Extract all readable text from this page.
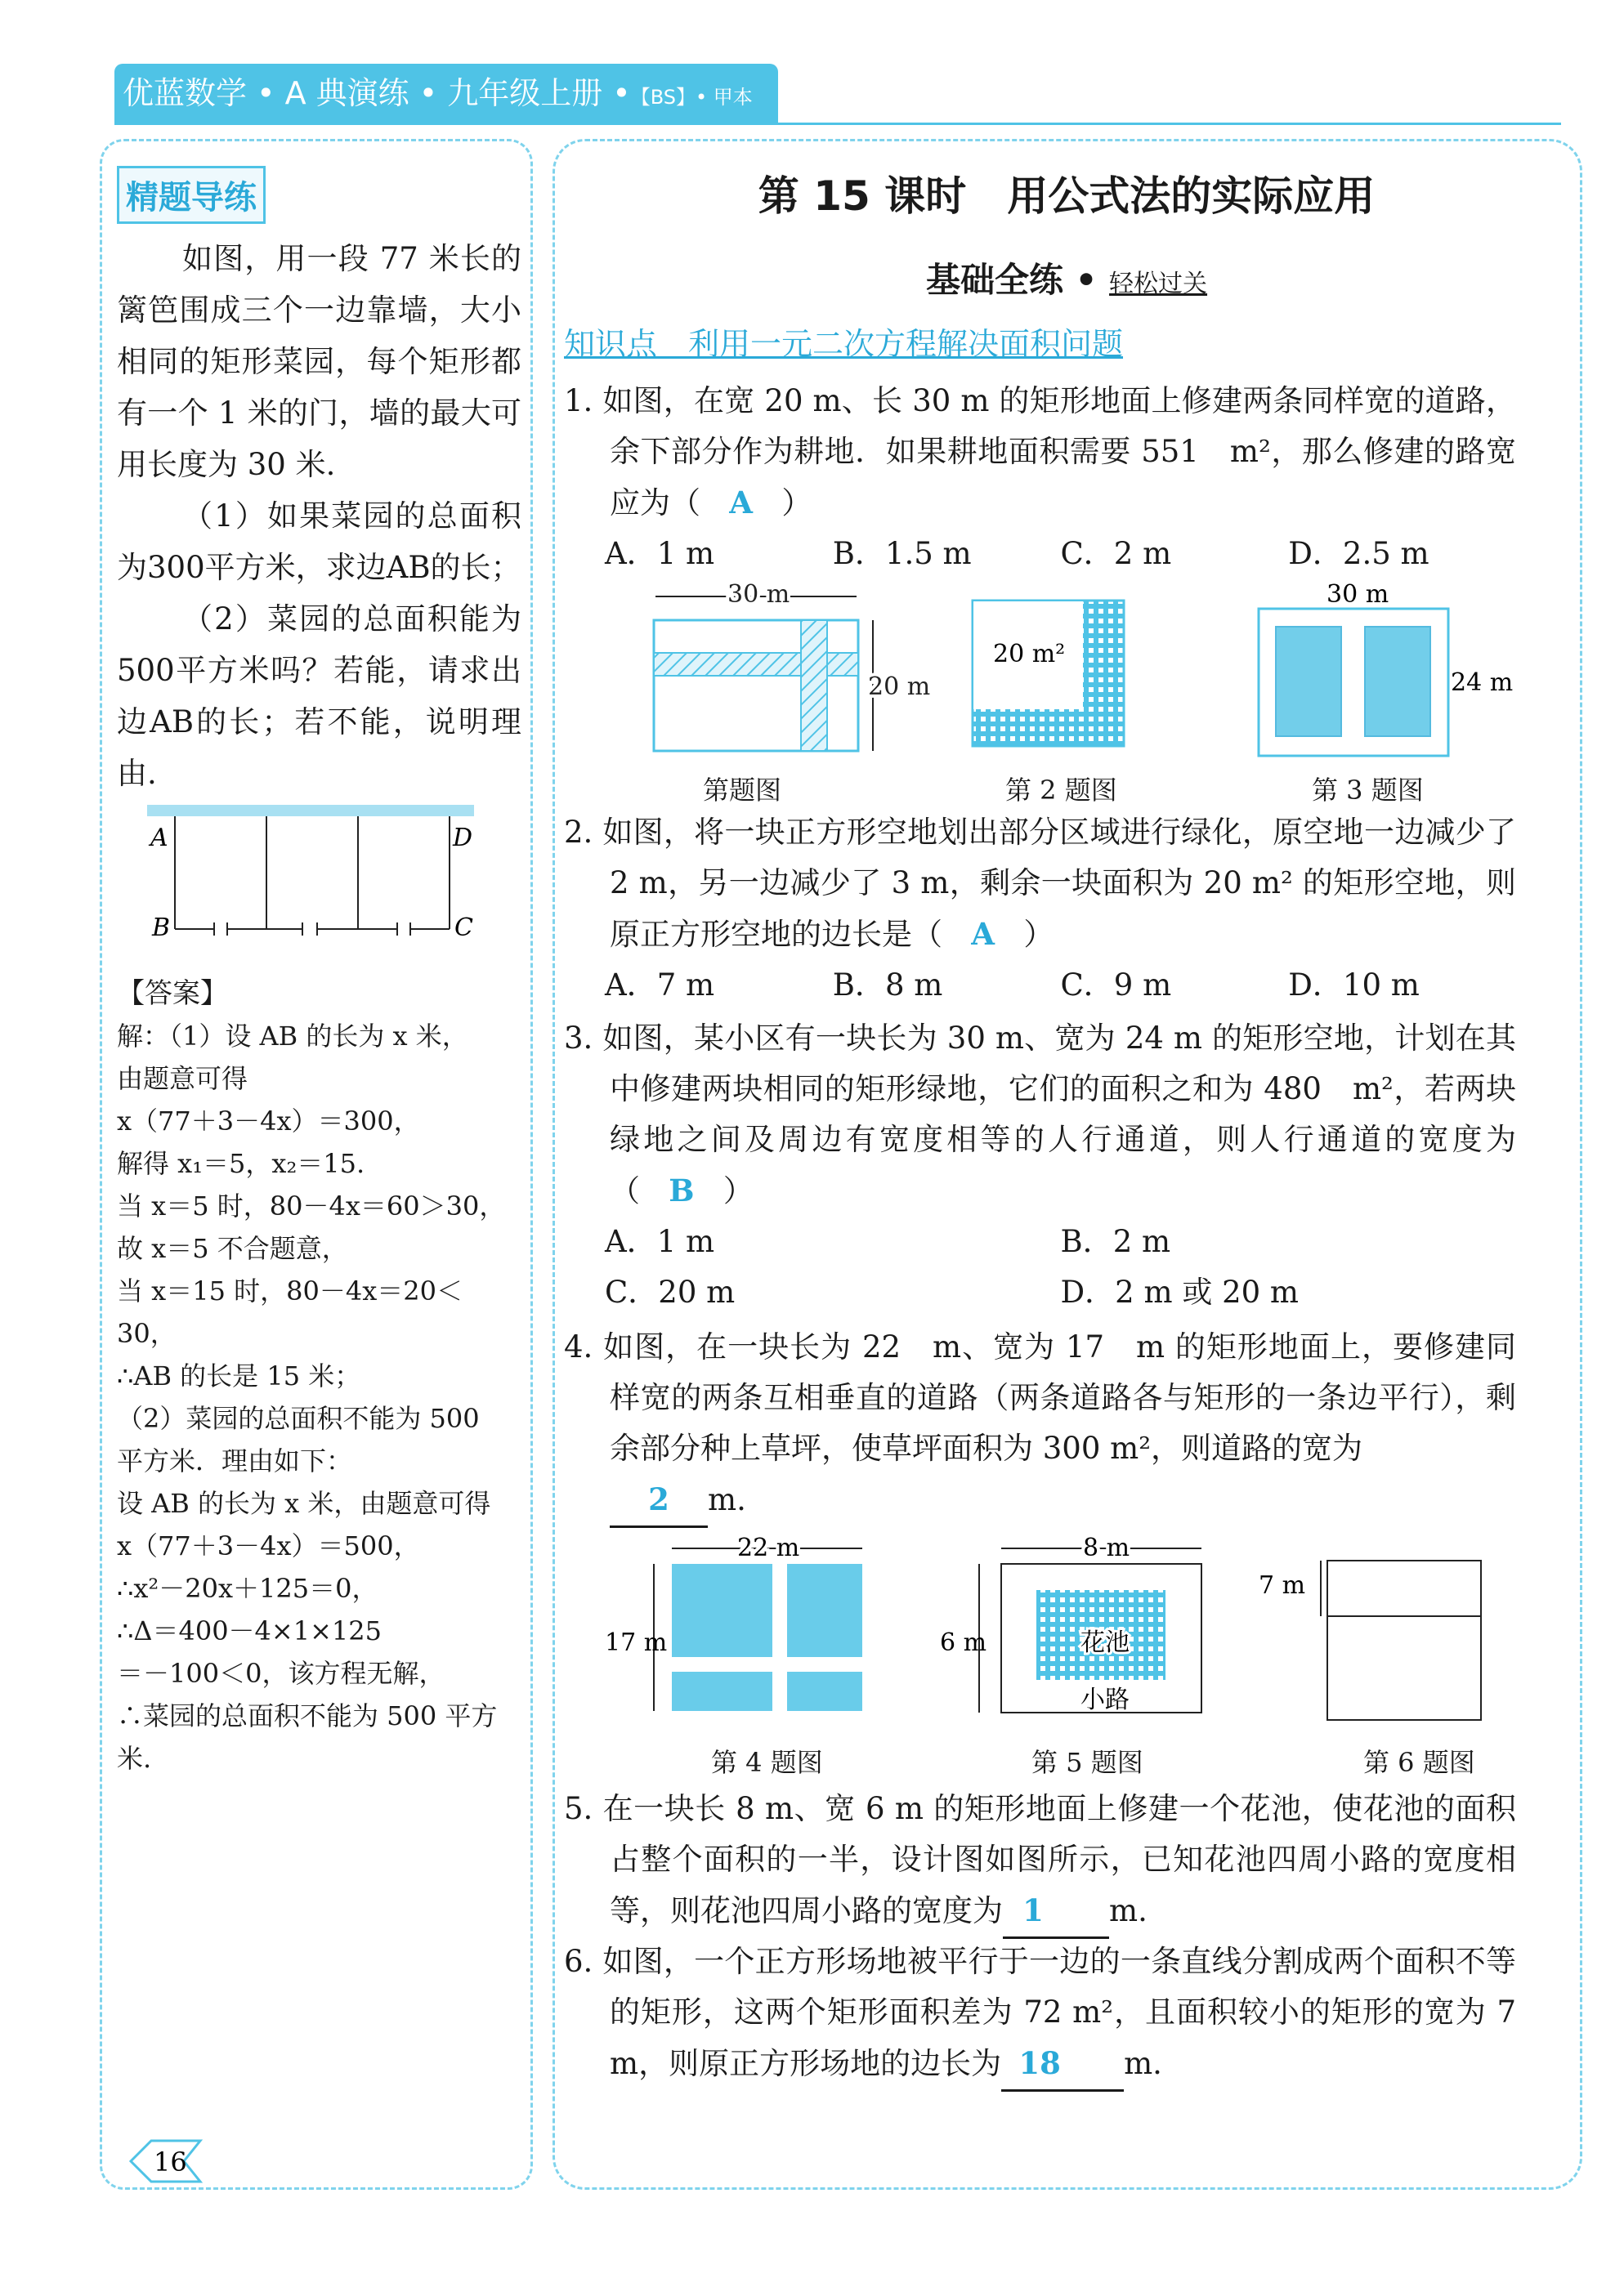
优蓝数学 • A 典演练 • 九年级上册 •【BS】• 甲本
精题导练
如图，用一段 77 米长的篱笆围成三个一边靠墙，大小相同的矩形菜园，每个矩形都有一个 1 米的门，墙的最大可用长度为 30 米.
（1）如果菜园的总面积为300平方米，求边AB的长；
（2）菜园的总面积能为500平方米吗？若能，请求出边AB的长；若不能，说明理由.
A
B	C
D
【答案】
解：（1）设 AB 的长为 x 米，
由题意可得
x（77＋3－4x）＝300，
解得 x₁＝5，x₂＝15.
当 x＝5 时，80－4x＝60＞30，
故 x＝5 不合题意，
当 x＝15 时，80－4x＝20＜30，
∴AB 的长是 15 米；
（2）菜园的总面积不能为 500
平方米．理由如下：
设 AB 的长为 x 米，由题意可得
x（77＋3－4x）＝500，
∴x²－20x＋125＝0，
∴Δ＝400－4×1×125
＝－100＜0，该方程无解，
∴菜园的总面积不能为 500 平方
米.
第 15 课时　用公式法的实际应用
基础全练 • 轻松过关
知识点　利用一元二次方程解决面积问题
1. 如图，在宽 20 m、长 30 m 的矩形地面上修建两条同样宽的道路，余下部分作为耕地．如果耕地面积需要 551　m²，那么修建的路宽应为（ A ）
A．1 m	B．1.5 m	C．2 m	D．2.5 m
30 m
20 m
20 m²
30 m
24 m
第题图	第 2 题图	第 3 题图
2. 如图，将一块正方形空地划出部分区域进行绿化，原空地一边减少了 2 m，另一边减少了 3 m，剩余一块面积为 20 m² 的矩形空地，则原正方形空地的边长是（ A ）
A．7 m	B．8 m	C．9 m	D．10 m
3. 如图，某小区有一块长为 30 m、宽为 24 m 的矩形空地，计划在其中修建两块相同的矩形绿地，它们的面积之和为 480　m²，若两块绿地之间及周边有宽度相等的人行通道，则人行通道的宽度为（ B ）
A．1 m	B．2 m
C．20 m	D．2 m 或 20 m
4. 如图，在一块长为 22　m、宽为 17　m 的矩形地面上，要修建同样宽的两条互相垂直的道路（两条道路各与矩形的一条边平行），剩余部分种上草坪，使草坪面积为 300 m²，则道路的宽为
2 m.
22 m
17 m
8 m
花池
小路
6 m
7 m
第 4 题图	第 5 题图	第 6 题图
5. 在一块长 8 m、宽 6 m 的矩形地面上修建一个花池，使花池的面积占整个面积的一半，设计图如图所示，已知花池四周小路的宽度相等，则花池四周小路的宽度为 1 m.
6. 如图，一个正方形场地被平行于一边的一条直线分割成两个面积不等的矩形，这两个矩形面积差为 72 m²，且面积较小的矩形的宽为 7 m，则原正方形场地的边长为 18 m.
16
